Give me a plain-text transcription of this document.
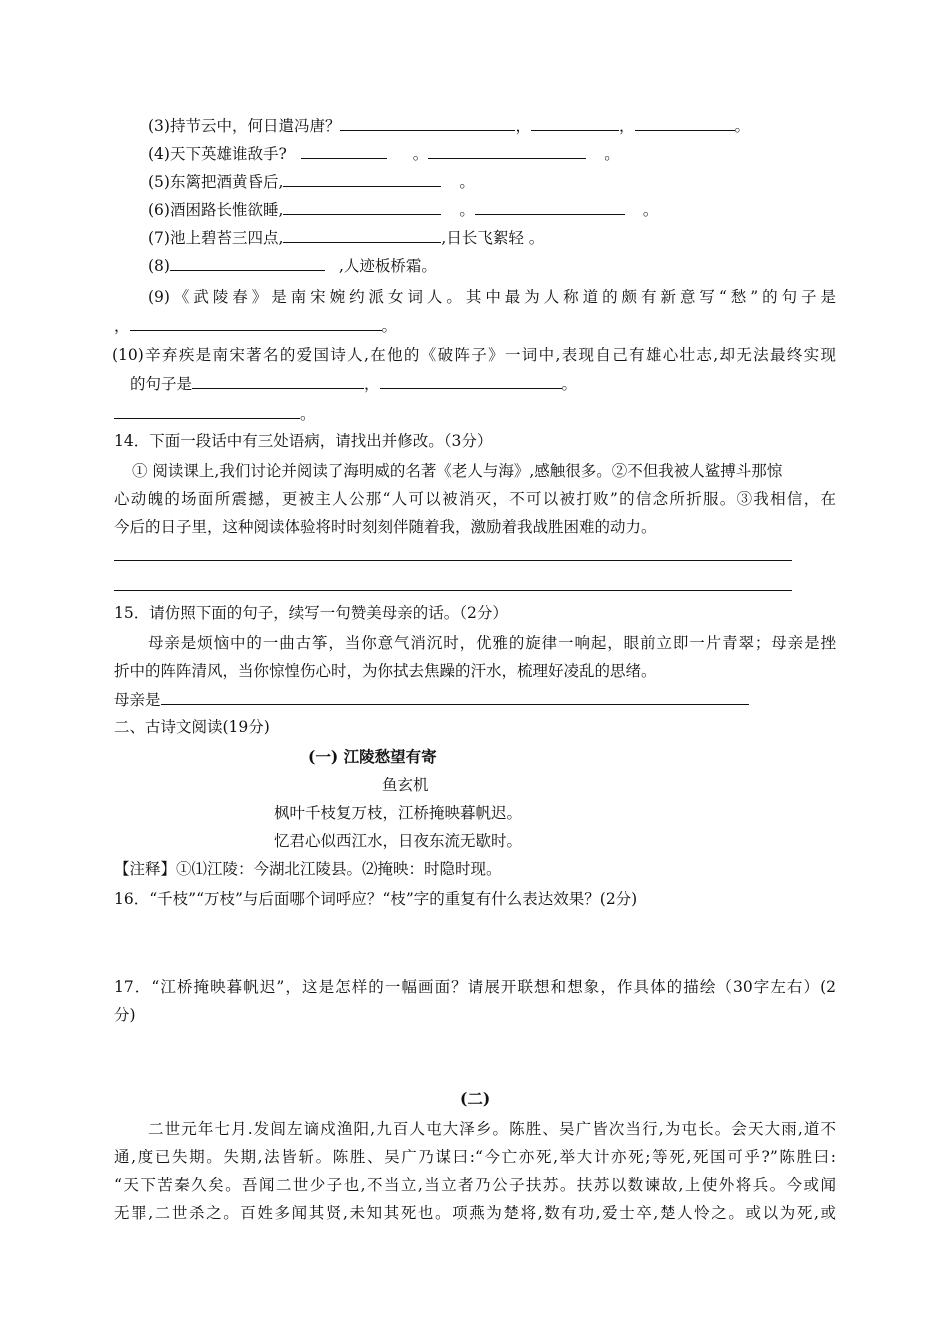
(3)持节云中，何日遣冯唐？	，	，	。
(4)天下英雄谁敌手?	。	。
(5)东篱把酒黄昏后,	。
(6)酒困路长惟欲睡,	。	。
(7)池上碧苔三四点,	,日长飞絮轻 。
(8)	,人迹板桥霜。
(9)《武陵春》是南宋婉约派女词人。其中最为人称道的颇有新意写“愁”的句子是
，	。
(10)辛弃疾是南宋著名的爱国诗人,在他的《破阵子》一词中,表现自己有雄心壮志,却无法最终实现
的句子是	，	。
。
14．下面一段话中有三处语病，请找出并修改。（3分）
① 阅读课上,我们讨论并阅读了海明威的名著《老人与海》,感触很多。②不但我被人鲨搏斗那惊
心动魄的场面所震撼，更被主人公那“人可以被消灭，不可以被打败”的信念所折服。③我相信，在
今后的日子里，这种阅读体验将时时刻刻伴随着我，激励着我战胜困难的动力。
15．请仿照下面的句子，续写一句赞美母亲的话。（2分）
母亲是烦恼中的一曲古筝，当你意气消沉时，优雅的旋律一响起，眼前立即一片青翠；母亲是挫
折中的阵阵清风，当你惊惶伤心时，为你拭去焦躁的汗水，梳理好凌乱的思绪。
母亲是
二、古诗文阅读(19分)
(一) 江陵愁望有寄
鱼玄机
枫叶千枝复万枝，江桥掩映暮帆迟。
忆君心似西江水，日夜东流无歇时。
【注释】①⑴江陵：今湖北江陵县。⑵掩映：时隐时现。
16．“千枝”“万枝”与后面哪个词呼应？“枝”字的重复有什么表达效果？(2分)
17．“江桥掩映暮帆迟”，这是怎样的一幅画面？请展开联想和想象，作具体的描绘（30字左右）(2
分)
(二)
二世元年七月.发闾左谪戍渔阳,九百人屯大泽乡。陈胜、吴广皆次当行,为屯长。会天大雨,道不
通,度已失期。失期,法皆斩。陈胜、吴广乃谋曰:“今亡亦死,举大计亦死;等死,死国可乎?”陈胜曰:
“天下苦秦久矣。吾闻二世少子也,不当立,当立者乃公子扶苏。扶苏以数谏故,上使外将兵。今或闻
无罪,二世杀之。百姓多闻其贤,未知其死也。项燕为楚将,数有功,爱士卒,楚人怜之。或以为死,或
